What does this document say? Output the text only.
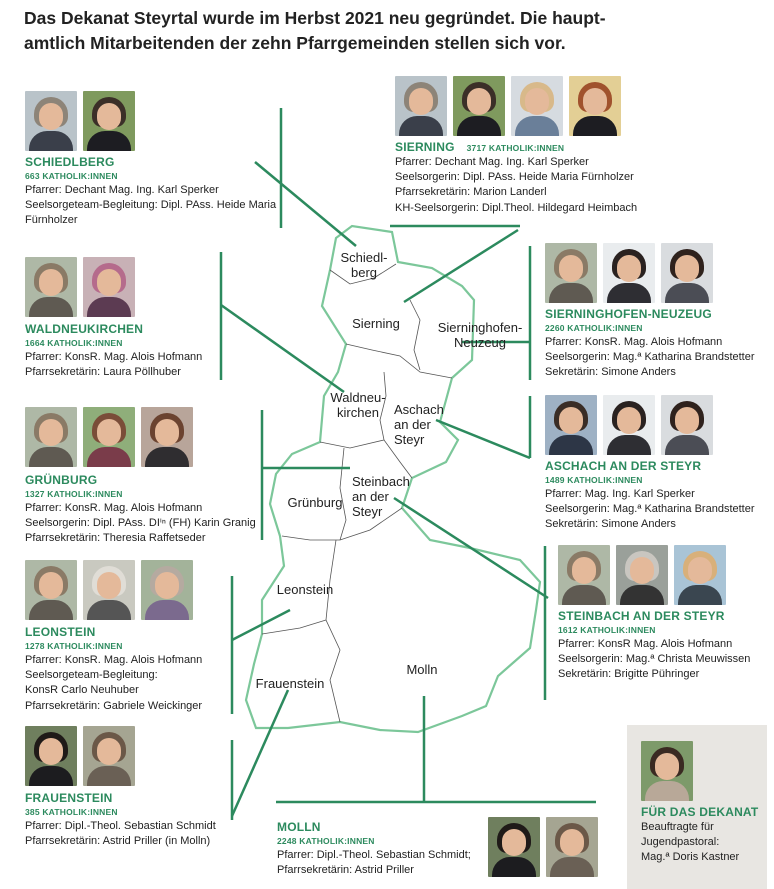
Das Dekanat Steyrtal wurde im Herbst 2021 neu gegründet. Die haupt-
amtlich Mitarbeitenden der zehn Pfarrgemeinden stellen sich vor.
Schiedl-
berg
Sierning	Sierninghofen-
Neuzeug
Waldneu-
kirchen	Aschach
an der
Steyr
Steinbach
an der
Steyr
Grünburg
Leonstein
Molln
Frauenstein
SCHIEDLBERG
663 KATHOLIK:INNEN
Pfarrer: Dechant Mag. Ing. Karl Sperker
Seelsorgeteam-Begleitung: Dipl. PAss. Heide Maria
Fürnholzer
SIERNING 3717 KATHOLIK:INNEN
Pfarrer: Dechant Mag. Ing. Karl Sperker
Seelsorgerin: Dipl. PAss. Heide Maria Fürnholzer
Pfarrsekretärin: Marion Landerl
KH-Seelsorgerin: Dipl.Theol. Hildegard Heimbach
WALDNEUKIRCHEN
1664 KATHOLIK:INNEN
Pfarrer: KonsR. Mag. Alois Hofmann
Pfarrsekretärin: Laura Pöllhuber
SIERNINGHOFEN-NEUZEUG
2260 KATHOLIK:INNEN
Pfarrer: KonsR. Mag. Alois Hofmann
Seelsorgerin: Mag.ª Katharina Brandstetter
Sekretärin: Simone Anders
GRÜNBURG
1327 KATHOLIK:INNEN
Pfarrer: KonsR. Mag. Alois Hofmann
Seelsorgerin: Dipl. PAss. DIⁱⁿ (FH) Karin Granig
Pfarrsekretärin: Theresia Raffetseder
ASCHACH AN DER STEYR
1489 KATHOLIK:INNEN
Pfarrer: Mag. Ing. Karl Sperker
Seelsorgerin: Mag.ª Katharina Brandstetter
Sekretärin: Simone Anders
LEONSTEIN
1278 KATHOLIK:INNEN
Pfarrer: KonsR. Mag. Alois Hofmann
Seelsorgeteam-Begleitung:
KonsR Carlo Neuhuber
Pfarrsekretärin: Gabriele Weickinger
STEINBACH AN DER STEYR
1612 KATHOLIK:INNEN
Pfarrer: KonsR Mag. Alois Hofmann
Seelsorgerin: Mag.ª Christa Meuwissen
Sekretärin: Brigitte Pühringer
FRAUENSTEIN
385 KATHOLIK:INNEN
Pfarrer: Dipl.-Theol. Sebastian Schmidt
Pfarrsekretärin: Astrid Priller (in Molln)
MOLLN
2248 KATHOLIK:INNEN
Pfarrer: Dipl.-Theol. Sebastian Schmidt;
Pfarrsekretärin: Astrid Priller
FÜR DAS DEKANAT
Beauftragte für
Jugendpastoral:
Mag.ª Doris Kastner
